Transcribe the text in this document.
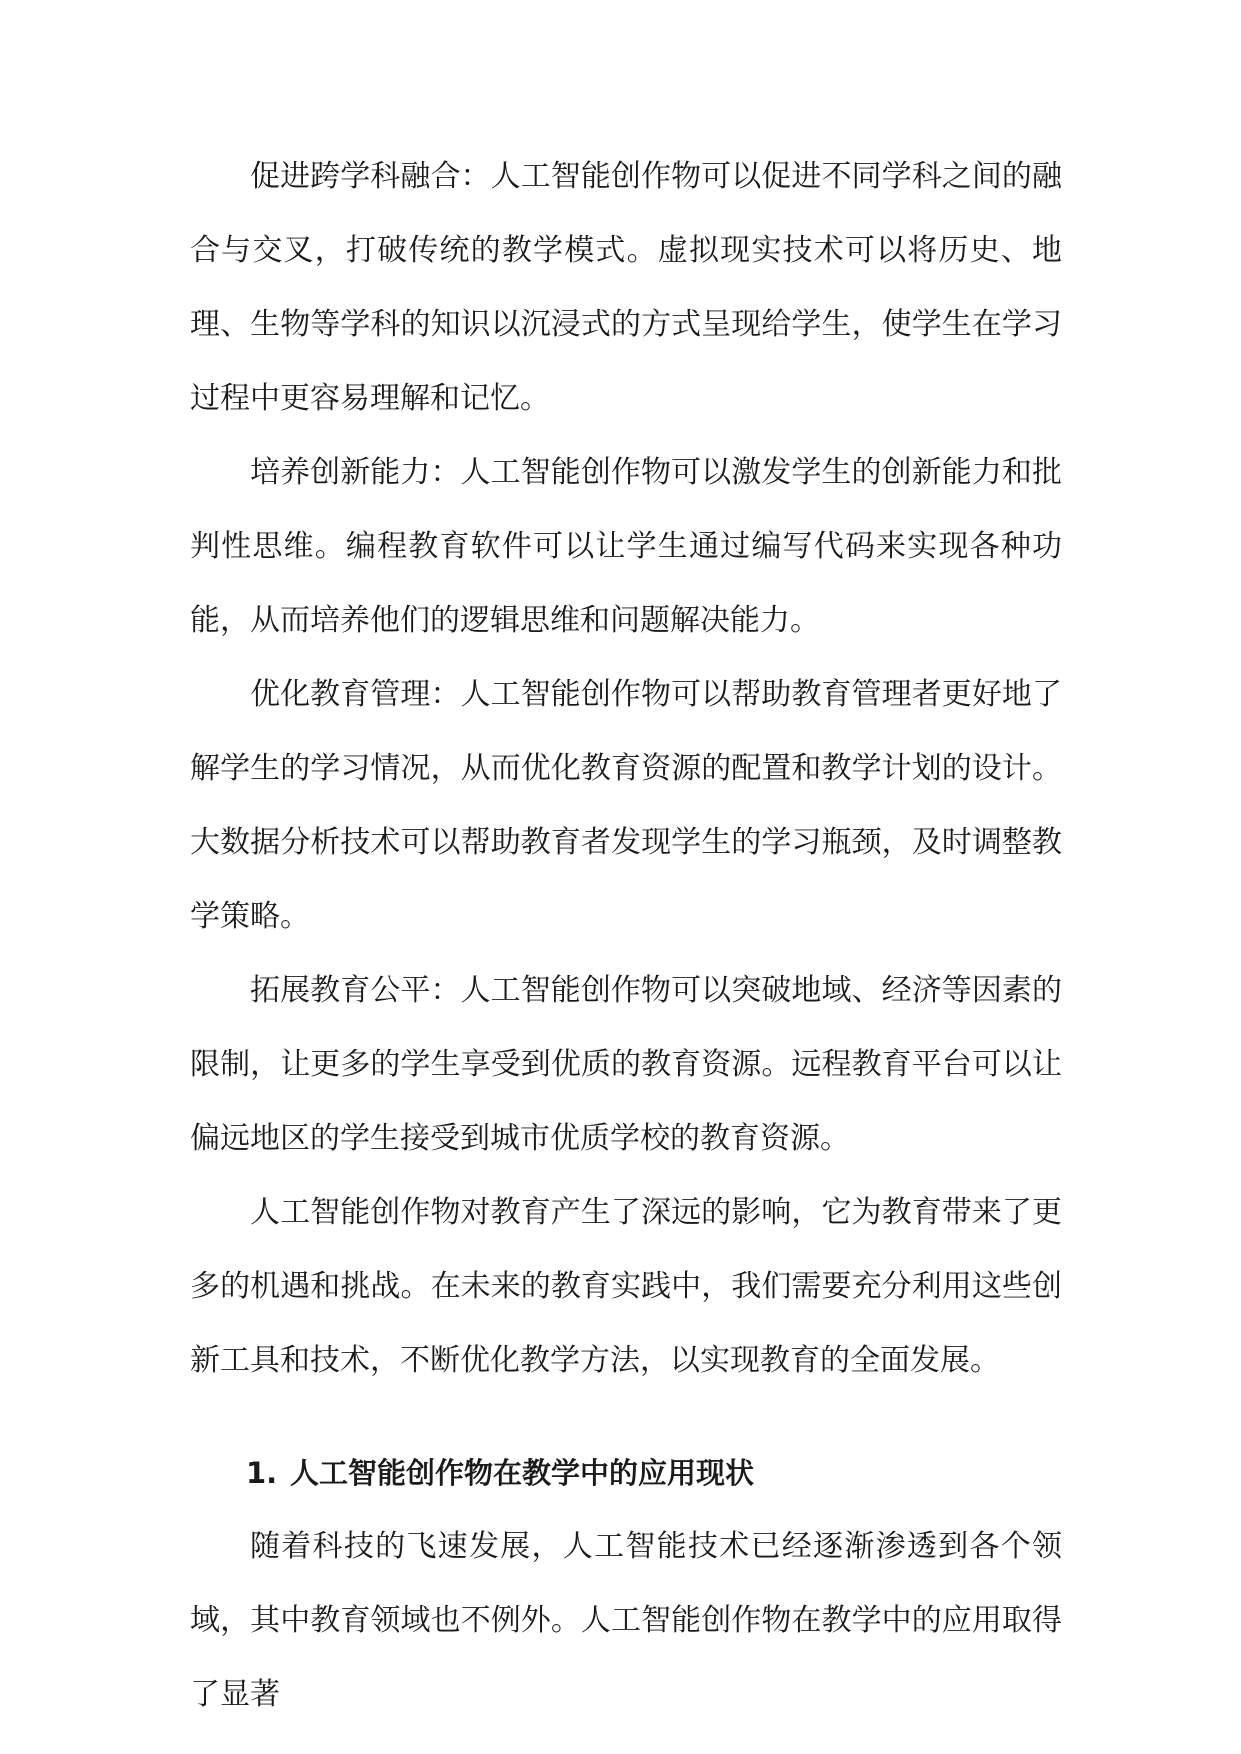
促进跨学科融合：人工智能创作物可以促进不同学科之间的融合与交叉，打破传统的教学模式。虚拟现实技术可以将历史、地理、生物等学科的知识以沉浸式的方式呈现给学生，使学生在学习过程中更容易理解和记忆。

培养创新能力：人工智能创作物可以激发学生的创新能力和批判性思维。编程教育软件可以让学生通过编写代码来实现各种功能，从而培养他们的逻辑思维和问题解决能力。

优化教育管理：人工智能创作物可以帮助教育管理者更好地了解学生的学习情况，从而优化教育资源的配置和教学计划的设计。大数据分析技术可以帮助教育者发现学生的学习瓶颈，及时调整教学策略。

拓展教育公平：人工智能创作物可以突破地域、经济等因素的限制，让更多的学生享受到优质的教育资源。远程教育平台可以让偏远地区的学生接受到城市优质学校的教育资源。

人工智能创作物对教育产生了深远的影响，它为教育带来了更多的机遇和挑战。在未来的教育实践中，我们需要充分利用这些创新工具和技术，不断优化教学方法，以实现教育的全面发展。

1. 人工智能创作物在教学中的应用现状

随着科技的飞速发展，人工智能技术已经逐渐渗透到各个领域，其中教育领域也不例外。人工智能创作物在教学中的应用取得了显著
